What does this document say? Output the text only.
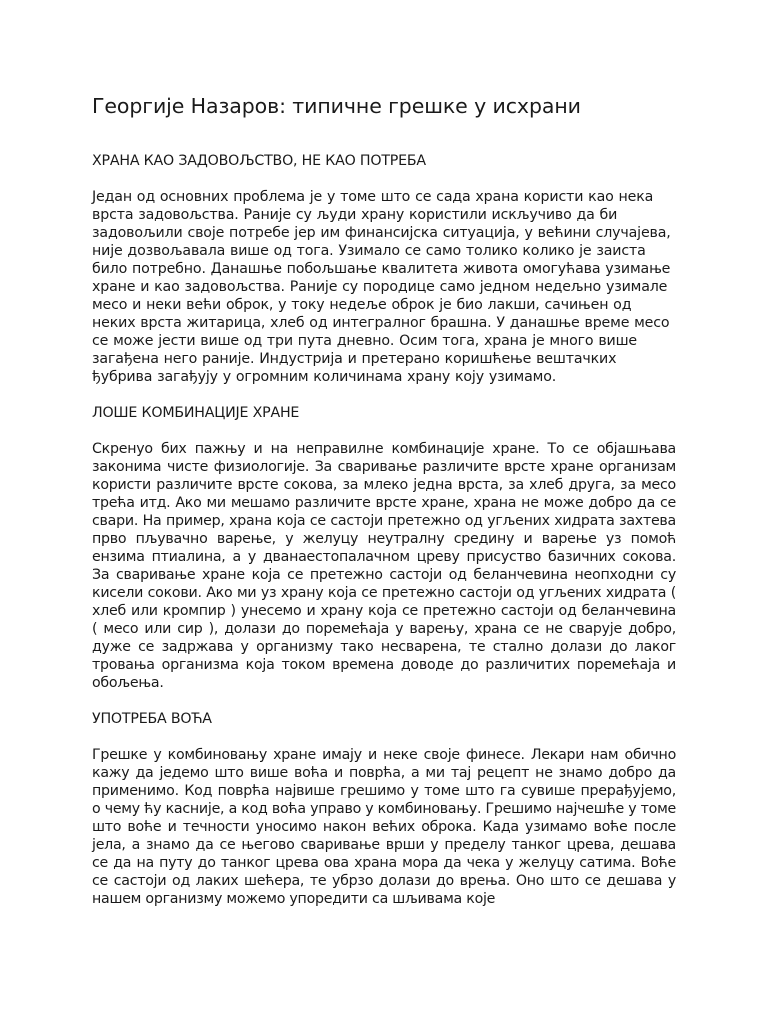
Георгије Назаров: типичне грешке у исхрани
ХРАНА КАО ЗАДОВОЉСТВО, НЕ КАО ПОТРЕБА

Један од основних проблема је у томе што се сада храна користи као нека врста задовољства. Раније су људи храну користили искључиво да би задовољили своје потребе јер им финансијска ситуација, у већини случајева, није дозвољавала више од тога. Узимало се само толико колико је заиста било потребно. Данашње побољшање квалитета живота омогућава узимање хране и као задовољства. Раније су породице само једном недељно узимале месо и неки већи оброк, у току недеље оброк је био лакши, сачињен од неких врста житарица, хлеб од интегралног брашна. У данашње време месо се може јести више од три пута дневно. Осим тога, храна је много више загађена него раније. Индустрија и претерано коришћење вештачких ђубрива загађују у огромним количинама храну коју узимамо.

ЛОШЕ КОМБИНАЦИЈЕ ХРАНЕ

Скренуо бих пажњу и на неправилне комбинације хране. То се објашњава законима чисте физиологије. За сваривање различите врсте хране организам користи различите врсте сокова, за млеко једна врста, за хлеб друга, за месо трећа итд. Ако ми мешамо различите врсте хране, храна не може добро да се свари. На пример, храна која се састоји претежно од угљених хидрата захтева прво пљувачно варење, у желуцу неутралну средину и варење уз помоћ ензима птиалина, а у дванаестопалачном цреву присуство базичних сокова. За сваривање хране која се претежно састоји од беланчевина неопходни су кисели сокови. Ако ми уз храну која се претежно састоји од угљених хидрата ( хлеб или кромпир ) унесемо и храну која се претежно састоји од беланчевина ( месо или сир ), долази до поремећаја у варењу, храна се не сварује добро, дуже се задржава у организму тако несварена, те стално долази до лаког тровања организма која током времена доводе до различитих поремећаја и обољења.

УПОТРЕБА ВОЋА

Грешке у комбиновању хране имају и неке своје финесе. Лекари нам обично кажу да једемо што више воћа и поврћа, а ми тај рецепт не знамо добро да применимо. Код поврћа највише грешимо у томе што га сувише прерађујемо, о чему ћу касније, а код воћа управо у комбиновању. Грешимо најчешће у томе што воће и течности уносимо након већих оброка. Када узимамо воће после јела, а знамо да се његово сваривање врши у пределу танког црева, дешава се да на путу до танког црева ова храна мора да чека у желуцу сатима. Воће се састоји од лаких шећера, те убрзо долази до врења. Оно што се дешава у нашем организму можемо упоредити са шљивама које
